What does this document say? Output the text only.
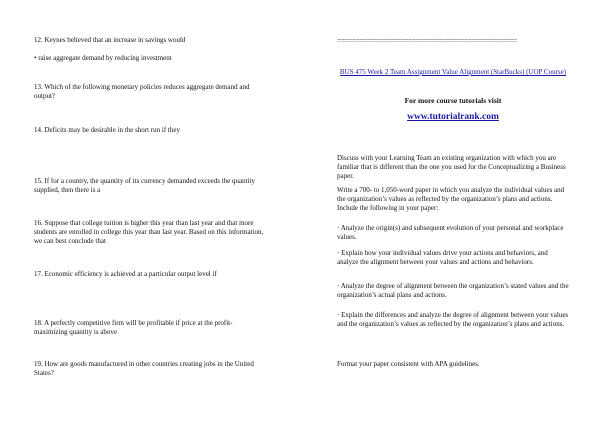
12. Keynes believed that an increase in savings would

• raise aggregate demand by reducing investment

13. Which of the following monetary policies reduces aggregate demand and output?

14. Deficits may be desirable in the short run if they

15. If for a country, the quantity of its currency demanded exceeds the quantity supplied, then there is a

16. Suppose that college tuition is higher this year than last year and that more students are enrolled in college this year than last year. Based on this information, we can best conclude that

17. Economic efficiency is achieved at a particular output level if

18. A perfectly competitive firm will be profitable if price at the profit-maximizing quantity is above

19. How are goods manufactured in other countries creating jobs in the United States?

================================================

BUS 475 Week 2 Team Assignment Value Alignment (StarBucks) (UOP Course)

For more course tutorials visit

www.tutorialrank.com

Discuss with your Learning Team an existing organization with which you are familiar that is different than the one you used for the Conceptualizing a Business paper.

Write a 700- to 1,050-word paper in which you analyze the individual values and the organization’s values as reflected by the organization’s plans and actions. Include the following in your paper:

· Analyze the origin(s) and subsequent evolution of your personal and workplace values.

· Explain how your individual values drive your actions and behaviors, and analyze the alignment between your values and actions and behaviors.

· Analyze the degree of alignment between the organization’s stated values and the organization’s actual plans and actions.

· Explain the differences and analyze the degree of alignment between your values and the organization’s values as reflected by the organization’s plans and actions.

Format your paper consistent with APA guidelines.
